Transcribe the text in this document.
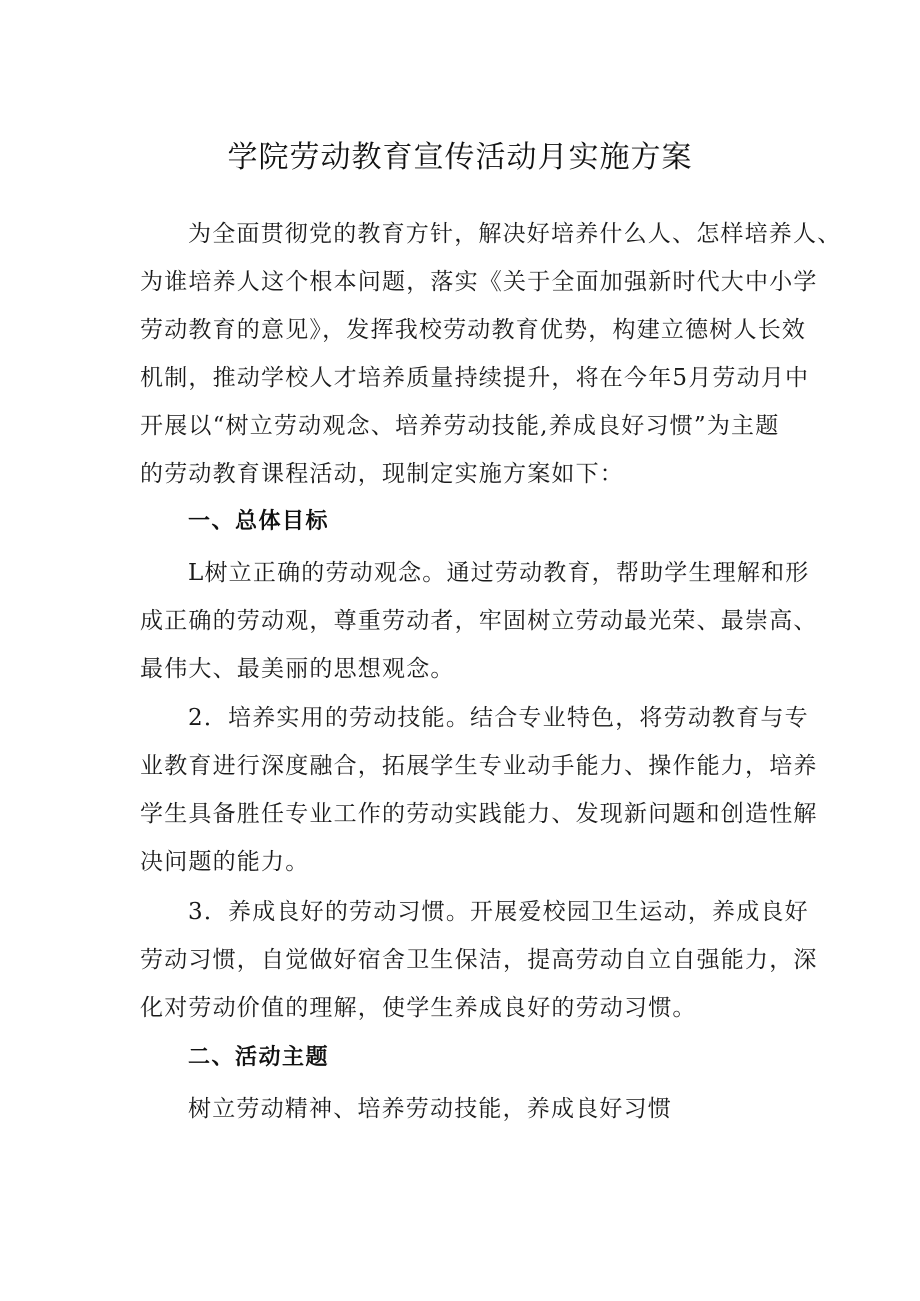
学院劳动教育宣传活动月实施方案

为全面贯彻党的教育方针，解决好培养什么人、怎样培养人、

为谁培养人这个根本问题，落实《关于全面加强新时代大中小学

劳动教育的意见》，发挥我校劳动教育优势，构建立德树人长效

机制，推动学校人才培养质量持续提升，将在今年5月劳动月中

开展以“树立劳动观念、培养劳动技能,养成良好习惯”为主题

的劳动教育课程活动，现制定实施方案如下：

一、总体目标

L树立正确的劳动观念。通过劳动教育，帮助学生理解和形

成正确的劳动观，尊重劳动者，牢固树立劳动最光荣、最崇高、

最伟大、最美丽的思想观念。

2．培养实用的劳动技能。结合专业特色，将劳动教育与专

业教育进行深度融合，拓展学生专业动手能力、操作能力，培养

学生具备胜任专业工作的劳动实践能力、发现新问题和创造性解

决问题的能力。

3．养成良好的劳动习惯。开展爱校园卫生运动，养成良好

劳动习惯，自觉做好宿舍卫生保洁，提高劳动自立自强能力，深

化对劳动价值的理解，使学生养成良好的劳动习惯。

二、活动主题

树立劳动精神、培养劳动技能，养成良好习惯
